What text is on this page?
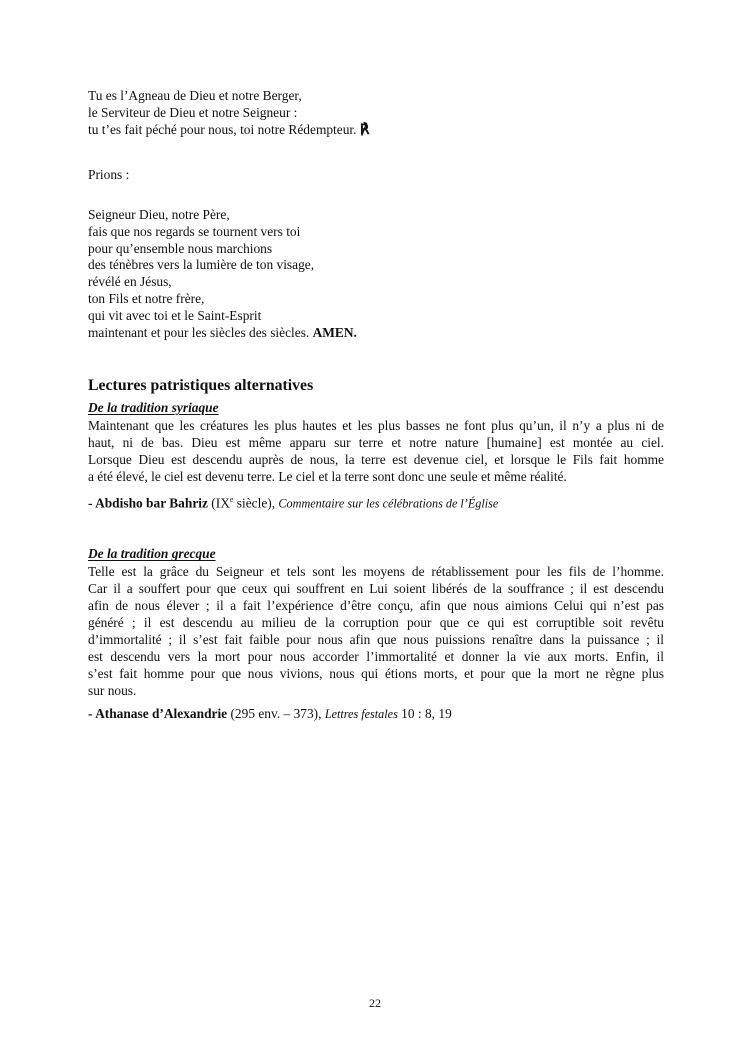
Tu es l’Agneau de Dieu et notre Berger,
le Serviteur de Dieu et notre Seigneur :
tu t’es fait péché pour nous, toi notre Rédempteur. ℟
Prions :
Seigneur Dieu, notre Père,
fais que nos regards se tournent vers toi
pour qu’ensemble nous marchions
des ténèbres vers la lumière de ton visage,
révélé en Jésus,
ton Fils et notre frère,
qui vit avec toi et le Saint-Esprit
maintenant et pour les siècles des siècles. AMEN.
Lectures patristiques alternatives
De la tradition syriaque
Maintenant que les créatures les plus hautes et les plus basses ne font plus qu’un, il n’y a plus ni de
haut, ni de bas. Dieu est même apparu sur terre et notre nature [humaine] est montée au ciel.
Lorsque Dieu est descendu auprès de nous, la terre est devenue ciel, et lorsque le Fils fait homme
a été élevé, le ciel est devenu terre. Le ciel et la terre sont donc une seule et même réalité.
- Abdisho bar Bahriz (IXe siècle), Commentaire sur les célébrations de l’Église
De la tradition grecque
Telle est la grâce du Seigneur et tels sont les moyens de rétablissement pour les fils de l’homme.
Car il a souffert pour que ceux qui souffrent en Lui soient libérés de la souffrance ; il est descendu
afin de nous élever ; il a fait l’expérience d’être conçu, afin que nous aimions Celui qui n’est pas
généré ; il est descendu au milieu de la corruption pour que ce qui est corruptible soit revêtu
d’immortalité ; il s’est fait faible pour nous afin que nous puissions renaître dans la puissance ; il
est descendu vers la mort pour nous accorder l’immortalité et donner la vie aux morts. Enfin, il
s’est fait homme pour que nous vivions, nous qui étions morts, et pour que la mort ne règne plus
sur nous.
- Athanase d’Alexandrie (295 env. – 373), Lettres festales 10 : 8, 19
22
